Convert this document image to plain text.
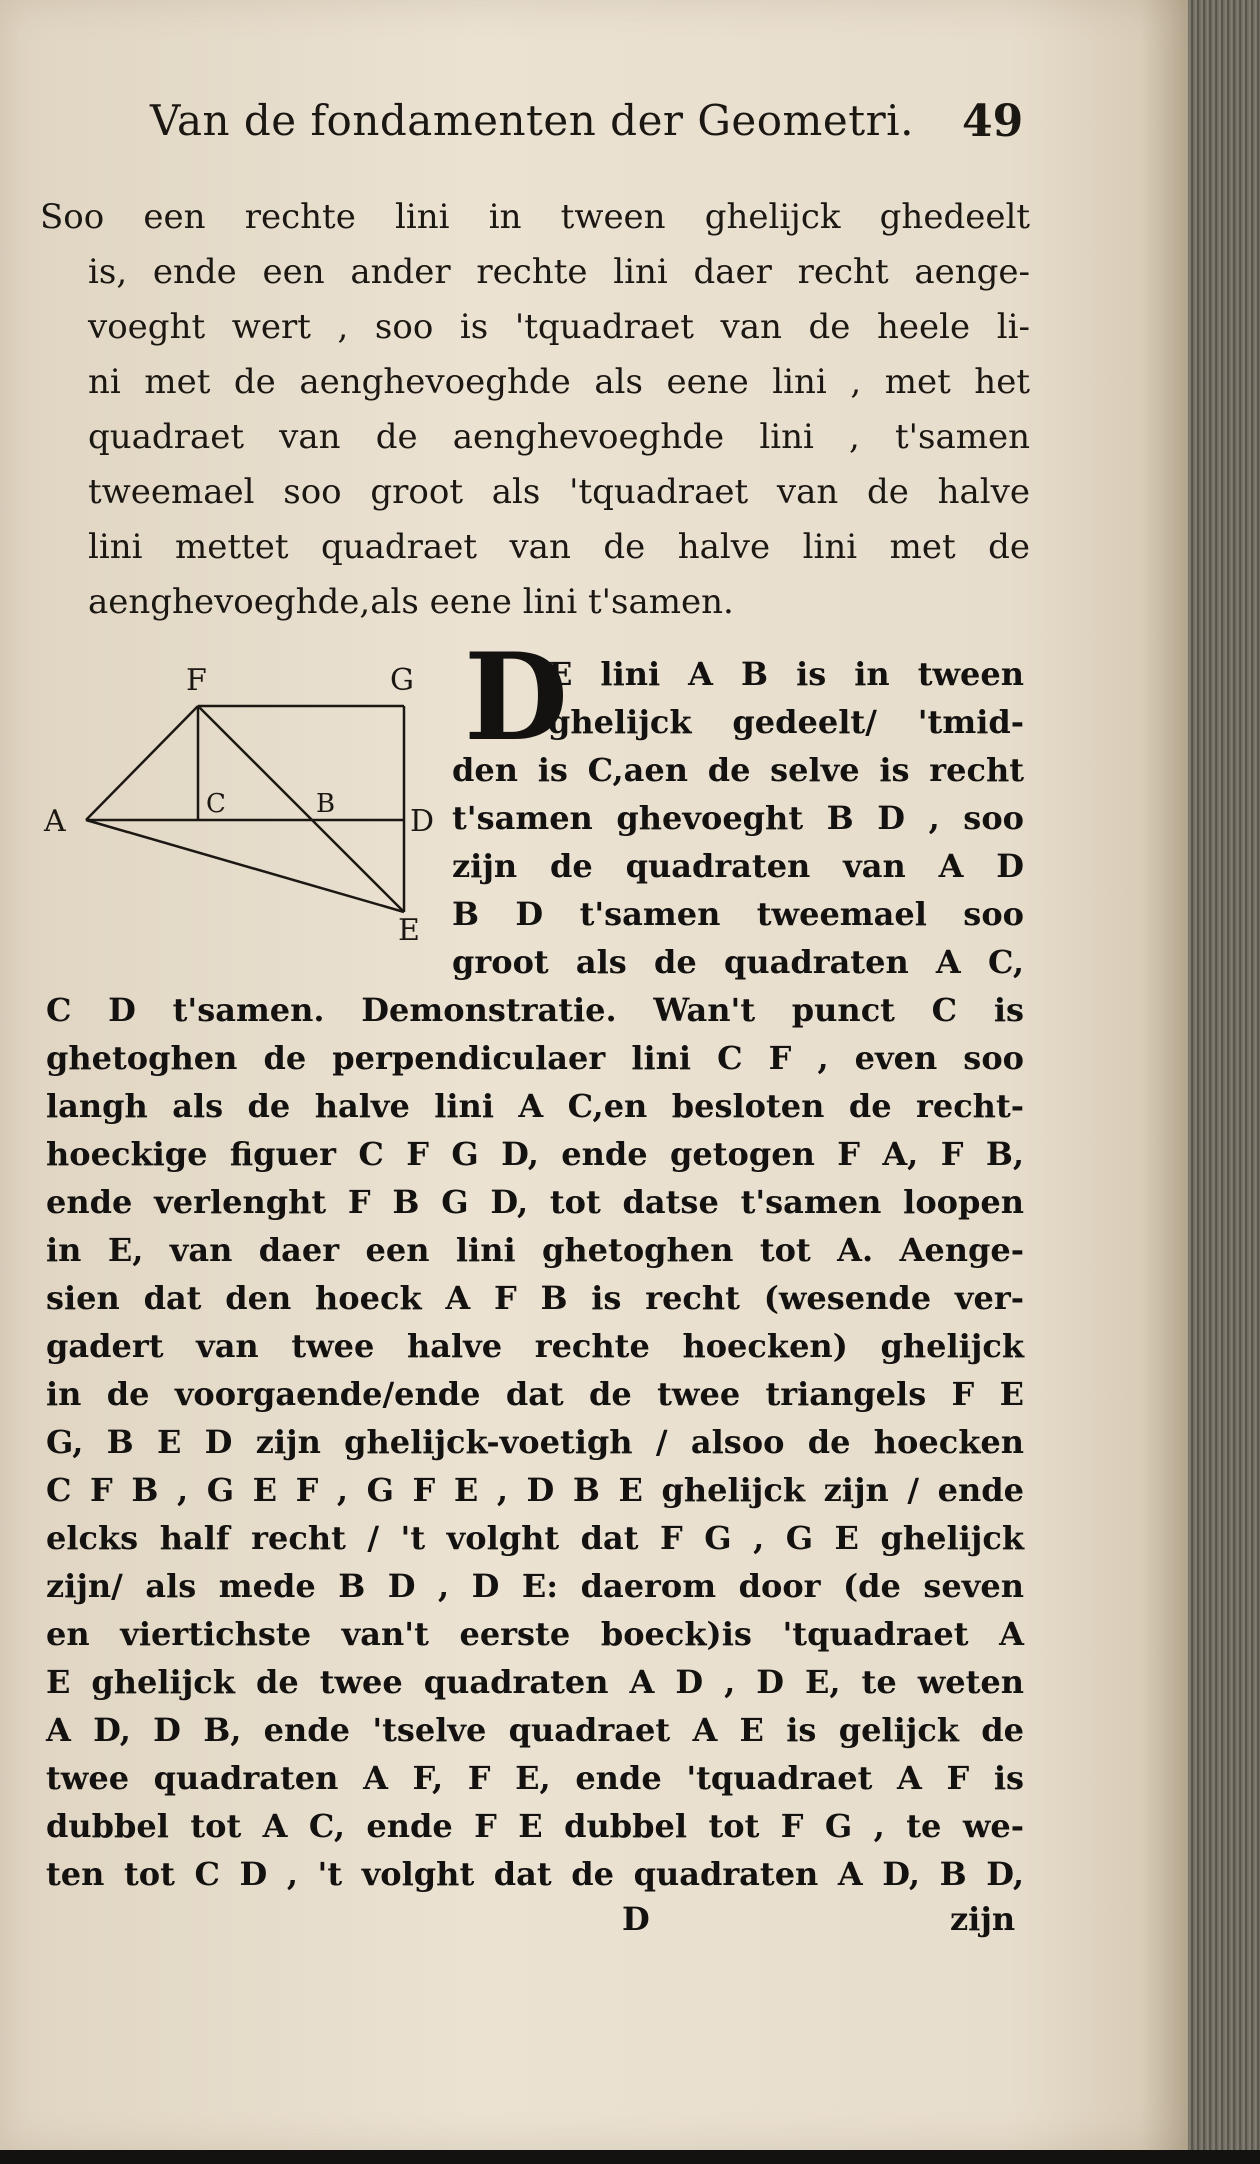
Van de fondamenten der Geometri. 49
Soo een rechte lini in tween ghelijck ghedeelt
is, ende een ander rechte lini daer recht aenge-
voeght wert , soo is 'tquadraet van de heele li-
ni met de aenghevoeghde als eene lini , met het
quadraet van de aenghevoeghde lini , t'samen
tweemael soo groot als 'tquadraet van de halve
lini mettet quadraet van de halve lini met de
aenghevoeghde,als eene lini t'samen.
F	G
A	C	B D
E
D
E lini A B is in tween
ghelijck gedeelt/ 'tmid-
den is C,aen de selve is recht
t'samen ghevoeght B D , soo
zijn de quadraten van A D
B D t'samen tweemael soo
groot als de quadraten A C,
C D t'samen. Demonstratie. Wan't punct C is
ghetoghen de perpendiculaer lini C F , even soo
langh als de halve lini A C,en besloten de recht-
hoeckige figuer C F G D, ende getogen F A, F B,
ende verlenght F B G D, tot datse t'samen loopen
in E, van daer een lini ghetoghen tot A. Aenge-
sien dat den hoeck A F B is recht (wesende ver-
gadert van twee halve rechte hoecken) ghelijck
in de voorgaende/ende dat de twee triangels F E
G, B E D zijn ghelijck-voetigh / alsoo de hoecken
C F B , G E F , G F E , D B E ghelijck zijn / ende
elcks half recht / 't volght dat F G , G E ghelijck
zijn/ als mede B D , D E: daerom door (de seven
en viertichste van't eerste boeck)is 'tquadraet A
E ghelijck de twee quadraten A D , D E, te weten
A D, D B, ende 'tselve quadraet A E is gelijck de
twee quadraten A F, F E, ende 'tquadraet A F is
dubbel tot A C, ende F E dubbel tot F G , te we-
ten tot C D , 't volght dat de quadraten A D, B D,
D	zijn
